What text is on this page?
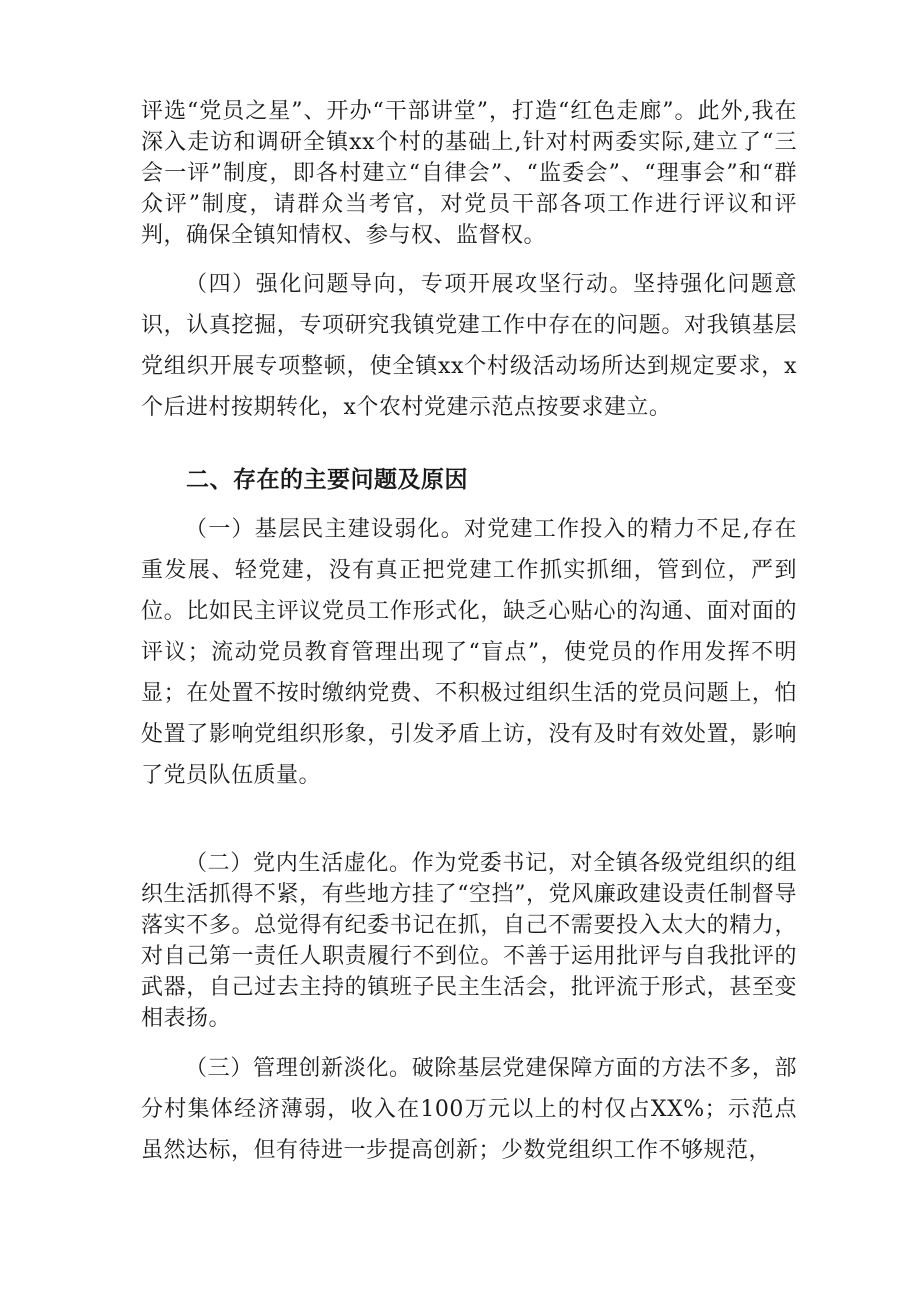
评选“党员之星”、开办“干部讲堂”，打造“红色走廊”。此外,我在深入走访和调研全镇xx个村的基础上,针对村两委实际,建立了“三会一评”制度，即各村建立“自律会”、“监委会”、“理事会”和“群众评”制度，请群众当考官，对党员干部各项工作进行评议和评判，确保全镇知情权、参与权、监督权。

（四）强化问题导向，专项开展攻坚行动。坚持强化问题意识，认真挖掘，专项研究我镇党建工作中存在的问题。对我镇基层党组织开展专项整顿，使全镇xx个村级活动场所达到规定要求，x个后进村按期转化，x个农村党建示范点按要求建立。

二、存在的主要问题及原因

（一）基层民主建设弱化。对党建工作投入的精力不足,存在重发展、轻党建，没有真正把党建工作抓实抓细，管到位，严到位。比如民主评议党员工作形式化，缺乏心贴心的沟通、面对面的评议；流动党员教育管理出现了“盲点”，使党员的作用发挥不明显；在处置不按时缴纳党费、不积极过组织生活的党员问题上，怕处置了影响党组织形象，引发矛盾上访，没有及时有效处置，影响了党员队伍质量。

（二）党内生活虚化。作为党委书记，对全镇各级党组织的组织生活抓得不紧，有些地方挂了“空挡”，党风廉政建设责任制督导落实不多。总觉得有纪委书记在抓，自己不需要投入太大的精力，对自己第一责任人职责履行不到位。不善于运用批评与自我批评的武器，自己过去主持的镇班子民主生活会，批评流于形式，甚至变相表扬。

（三）管理创新淡化。破除基层党建保障方面的方法不多，部分村集体经济薄弱，收入在100万元以上的村仅占XX%；示范点虽然达标，但有待进一步提高创新；少数党组织工作不够规范，
